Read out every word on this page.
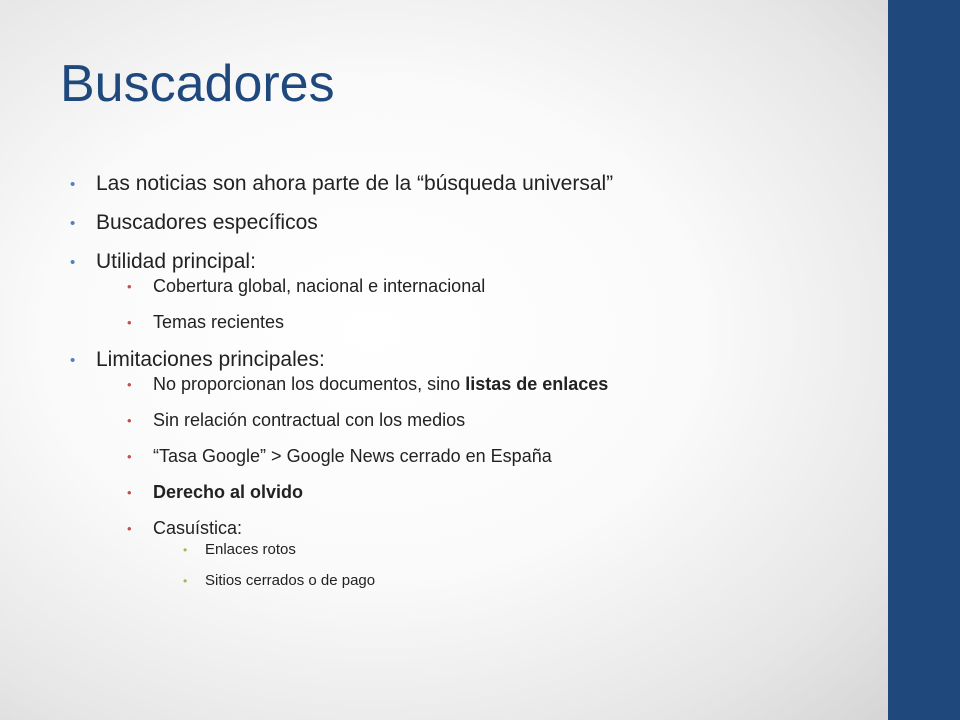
Buscadores
• Las noticias son ahora parte de la “búsqueda universal”
• Buscadores específicos
• Utilidad principal:
• Cobertura global, nacional e internacional
• Temas recientes
• Limitaciones principales:
• No proporcionan los documentos, sino listas de enlaces
• Sin relación contractual con los medios
• “Tasa Google” > Google News cerrado en España
• Derecho al olvido
• Casuística:
• Enlaces rotos
• Sitios cerrados o de pago
Octubre 2015
UPF - Faculta de Comunicación - Grupo de Formatos Digitales
6
